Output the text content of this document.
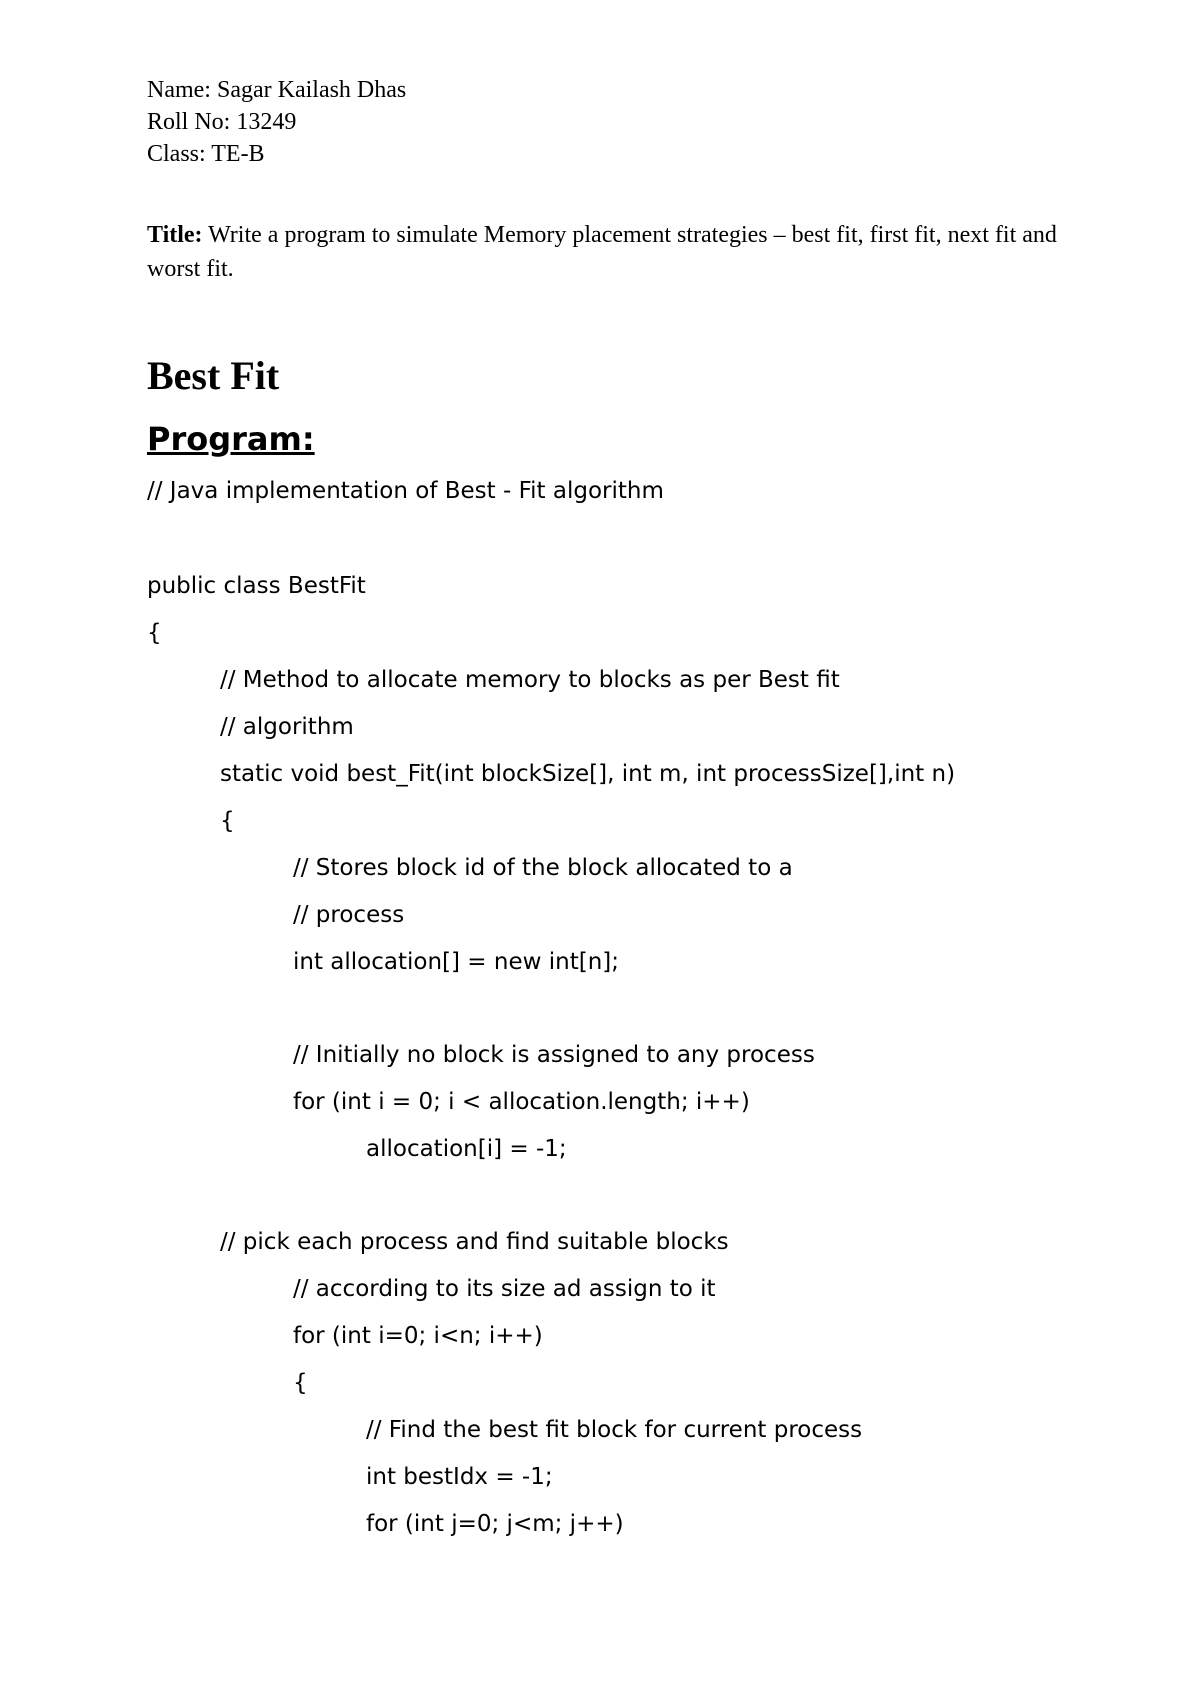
Name: Sagar Kailash Dhas
Roll No: 13249
Class: TE-B
Title: Write a program to simulate Memory placement strategies – best fit, first fit, next fit and worst fit.
Best Fit
Program:
// Java implementation of Best - Fit algorithm
public class BestFit
{
// Method to allocate memory to blocks as per Best fit
// algorithm
static void best_Fit(int blockSize[], int m, int processSize[],int n)
{
// Stores block id of the block allocated to a
// process
int allocation[] = new int[n];
// Initially no block is assigned to any process
for (int i = 0; i < allocation.length; i++)
allocation[i] = -1;
// pick each process and find suitable blocks
// according to its size ad assign to it
for (int i=0; i<n; i++)
{
// Find the best fit block for current process
int bestIdx = -1;
for (int j=0; j<m; j++)
